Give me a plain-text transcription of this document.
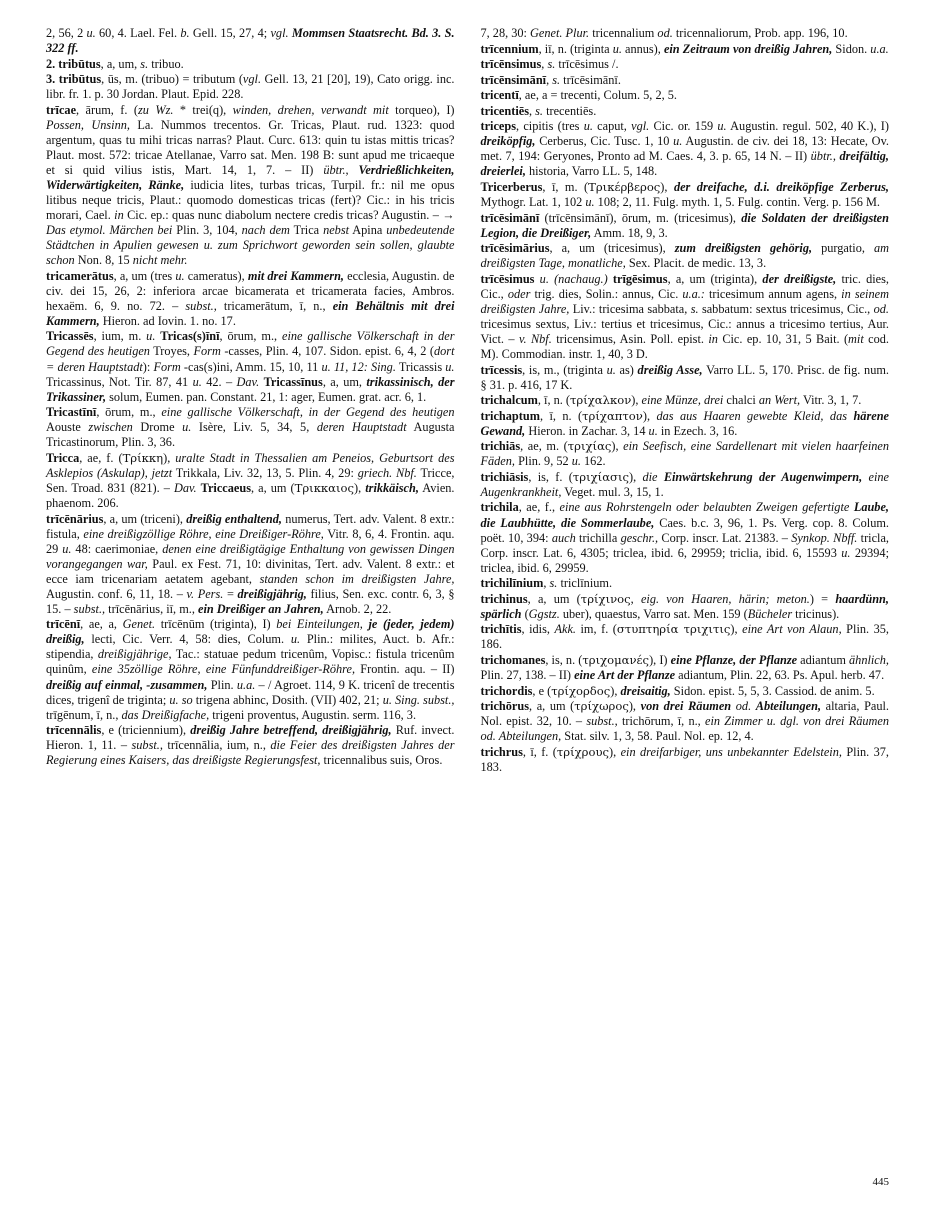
2, 56, 2 u. 60, 4. Lael. Fel. b. Gell. 15, 27, 4; vgl. Mommsen Staatsrecht. Bd. 3. S. 322 ff.

2. tribūtus, a, um, s. tribuo.

3. tribūtus, ūs, m. (tribuo) = tributum (vgl. Gell. 13, 21 [20], 19), Cato origg. inc. libr. fr. 1. p. 30 Jordan. Plaut. Epid. 228.

trīcae, ārum, f. (zu Wz. * trei(q), winden, drehen, verwandt mit torqueo), I) Possen, Unsinn, La. Nummos trecentos. Gr. Tricas, Plaut. rud. 1323: quod argentum, quas tu mihi tricas narras? Plaut. Curc. 613: quin tu istas mittis tricas? Plaut. most. 572: tricae Atellanae, Varro sat. Men. 198 B: sunt apud me tricaeque et si quid vilius istis, Mart. 14, 1, 7. – II) übtr., Verdrießlichkeiten, Widerwärtigkeiten, Ränke, iudicia lites, turbas tricas, Turpil. fr.: nil me opus litibus neque tricis, Plaut.: quomodo domesticas tricas (fert)? Cic.: in his tricis morari, Cael. in Cic. ep.: quas nunc diabolum nectere credis tricas? Augustin. – → Das etymol. Märchen bei Plin. 3, 104, nach dem Trica nebst Apina unbedeutende Städtchen in Apulien gewesen u. zum Sprichwort geworden sein sollen, glaubte schon Non. 8, 15 nicht mehr.

tricamerātus, a, um (tres u. cameratus), mit drei Kammern, ecclesia, Augustin. de civ. dei 15, 26, 2: inferiora arcae bicamerata et tricamerata facies, Ambros. hexaëm. 6, 9. no. 72. – subst., tricamerātum, ī, n., ein Behältnis mit drei Kammern, Hieron. ad Iovin. 1. no. 17.

Tricassēs, ium, m. u. Tricas(s)īnī, ōrum, m., eine gallische Völkerschaft in der Gegend des heutigen Troyes, Form -casses, Plin. 4, 107. Sidon. epist. 6, 4, 2 (dort = deren Hauptstadt): Form -cas(s)ini, Amm. 15, 10, 11 u. 11, 12: Sing. Tricassis u. Tricassinus, Not. Tir. 87, 41 u. 42. – Dav. Tricassīnus, a, um, trikassinisch, der Trikassiner, solum, Eumen. pan. Constant. 21, 1: ager, Eumen. grat. acr. 6, 1.

Tricastīnī, ōrum, m., eine gallische Völkerschaft, in der Gegend des heutigen Aouste zwischen Drome u. Isère, Liv. 5, 34, 5, deren Hauptstadt Augusta Tricastinorum, Plin. 3, 36.

Tricca, ae, f. (Τρίκκη), uralte Stadt in Thessalien am Peneios, Geburtsort des Asklepios (Askulap), jetzt Trikkala, Liv. 32, 13, 5. Plin. 4, 29: griech. Nbf. Tricce, Sen. Troad. 831 (821). – Dav. Triccaeus, a, um (Τρικκαιος), trikkäisch, Avien. phaenom. 206.

trīcēnārius, a, um (triceni), dreißig enthaltend, numerus, Tert. adv. Valent. 8 extr.: fistula, eine dreißigzöllige Röhre, eine Dreißiger-Röhre, Vitr. 8, 6, 4. Frontin. aqu. 29 u. 48: caerimoniae, denen eine dreißigtägige Enthaltung von gewissen Dingen vorangegangen war, Paul. ex Fest. 71, 10: divinitas, Tert. adv. Valent. 8 extr.: et ecce iam tricenariam aetatem agebant, standen schon im dreißigsten Jahre, Augustin. conf. 6, 11, 18. – v. Pers. = dreißigjährig, filius, Sen. exc. contr. 6, 3, § 15. – subst., trīcēnārius, iī, m., ein Dreißiger an Jahren, Arnob. 2, 22.

trīcēnī, ae, a, Genet. trīcēnūm (triginta), I) bei Einteilungen, je (jeder, jedem) dreißig, lecti, Cic. Verr. 4, 58: dies, Colum. u. Plin.: milites, Auct. b. Afr.: stipendia, dreißigjährige, Tac.: statuae pedum tricenûm, Vopisc.: fistula tricenûm quinûm, eine 35zöllige Röhre, eine Fünfunddreißiger-Röhre, Frontin. aqu. – II) dreißig auf einmal, -zusammen, Plin. u.a. – / Agroet. 114, 9 K. tricenî de trecentis dices, trigenî de triginta; u. so trigena abhinc, Dosith. (VII) 402, 21; u. Sing. subst., trīgēnum, ī, n., das Dreißigfache, trigeni proventus, Augustin. serm. 116, 3.

trīcennālis, e (triciennium), dreißig Jahre betreffend, dreißigjährig, Ruf. invect. Hieron. 1, 11. – subst., trīcennālia, ium, n., die Feier des dreißigsten Jahres der Regierung eines Kaisers, das dreißigste Regierungsfest, tricennalibus suis, Oros.

7, 28, 30: Genet. Plur. tricennalium od. tricennaliorum, Prob. app. 196, 10.

trīcennium, iī, n. (triginta u. annus), ein Zeitraum von dreißig Jahren, Sidon. u.a.

trīcēnsimus, s. trīcēsimus /.

trīcēnsimānī, s. trīcēsimānī.

tricentī, ae, a = trecenti, Colum. 5, 2, 5.

tricentiēs, s. trecentiēs.

triceps, cipitis (tres u. caput, vgl. Cic. or. 159 u. Augustin. regul. 502, 40 K.), I) dreiköpfig, Cerberus, Cic. Tusc. 1, 10 u. Augustin. de civ. dei 18, 13: Hecate, Ov. met. 7, 194: Geryones, Pronto ad M. Caes. 4, 3. p. 65, 14 N. – II) übtr., dreifältig, dreierlei, historia, Varro LL. 5, 148.

Tricerberus, ī, m. (Τρικέρβερος), der dreifache, d.i. dreiköpfige Zerberus, Mythogr. Lat. 1, 102 u. 108; 2, 11. Fulg. myth. 1, 5. Fulg. contin. Verg. p. 156 M.

trīcēsimānī (trīcēnsimānī), ōrum, m. (tricesimus), die Soldaten der dreißigsten Legion, die Dreißiger, Amm. 18, 9, 3.

trīcēsimārius, a, um (tricesimus), zum dreißigsten gehörig, purgatio, am dreißigsten Tage, monatliche, Sex. Placit. de medic. 13, 3.

trīcēsimus u. (nachaug.) trīgēsimus, a, um (triginta), der dreißigste, tric. dies, Cic., oder trig. dies, Solin.: annus, Cic. u.a.: tricesimum annum agens, in seinem dreißigsten Jahre, Liv.: tricesima sabbata, s. sabbatum: sextus tricesimus, Cic., od. tricesimus sextus, Liv.: tertius et tricesimus, Cic.: annus a tricesimo tertius, Aur. Vict. – v. Nbf. tricensimus, Asin. Poll. epist. in Cic. ep. 10, 31, 5 Bait. (mit cod. M). Commodian. instr. 1, 40, 3 D.

trīcessis, is, m., (triginta u. as) dreißig Asse, Varro LL. 5, 170. Prisc. de fig. num. § 31. p. 416, 17 K.

trichalcum, ī, n. (τρίχαλκον), eine Münze, drei chalci an Wert, Vitr. 3, 1, 7.

trichaptum, ī, n. (τρίχαπτον), das aus Haaren gewebte Kleid, das härene Gewand, Hieron. in Zachar. 3, 14 u. in Ezech. 3, 16.

trichiās, ae, m. (τριχίας), ein Seefisch, eine Sardellenart mit vielen haarfeinen Fäden, Plin. 9, 52 u. 162.

trichiāsis, is, f. (τριχίασις), die Einwärtskehrung der Augenwimpern, eine Augenkrankheit, Veget. mul. 3, 15, 1.

trichila, ae, f., eine aus Rohrstengeln oder belaubten Zweigen gefertigte Laube, die Laubhütte, die Sommerlaube, Caes. b.c. 3, 96, 1. Ps. Verg. cop. 8. Colum. poët. 10, 394: auch trichilla geschr., Corp. inscr. Lat. 21383. – Synkop. Nbff. tricla, Corp. inscr. Lat. 6, 4305; triclea, ibid. 6, 29959; triclia, ibid. 6, 15593 u. 29394; triclea, ibid. 6, 29959.

trichilīnium, s. triclīnium.

trichinus, a, um (τρίχινος, eig. von Haaren, härin; meton.) = haardünn, spärlich (Ggstz. uber), quaestus, Varro sat. Men. 159 (Bücheler tricinus).

trichītis, idis, Akk. im, f. (στυπτηρία τριχιτις), eine Art von Alaun, Plin. 35, 186.

trichomanes, is, n. (τριχομανές), I) eine Pflanze, der Pflanze adiantum ähnlich, Plin. 27, 138. – II) eine Art der Pflanze adiantum, Plin. 22, 63. Ps. Apul. herb. 47.

trichordis, e (τρίχορδος), dreisaitig, Sidon. epist. 5, 5, 3. Cassiod. de anim. 5.

trichōrus, a, um (τρίχωρος), von drei Räumen od. Abteilungen, altaria, Paul. Nol. epist. 32, 10. – subst., trichōrum, ī, n., ein Zimmer u. dgl. von drei Räumen od. Abteilungen, Stat. silv. 1, 3, 58. Paul. Nol. ep. 12, 4.

trichrus, ī, f. (τρίχρους), ein dreifarbiger, uns unbekannter Edelstein, Plin. 37, 183.

445
